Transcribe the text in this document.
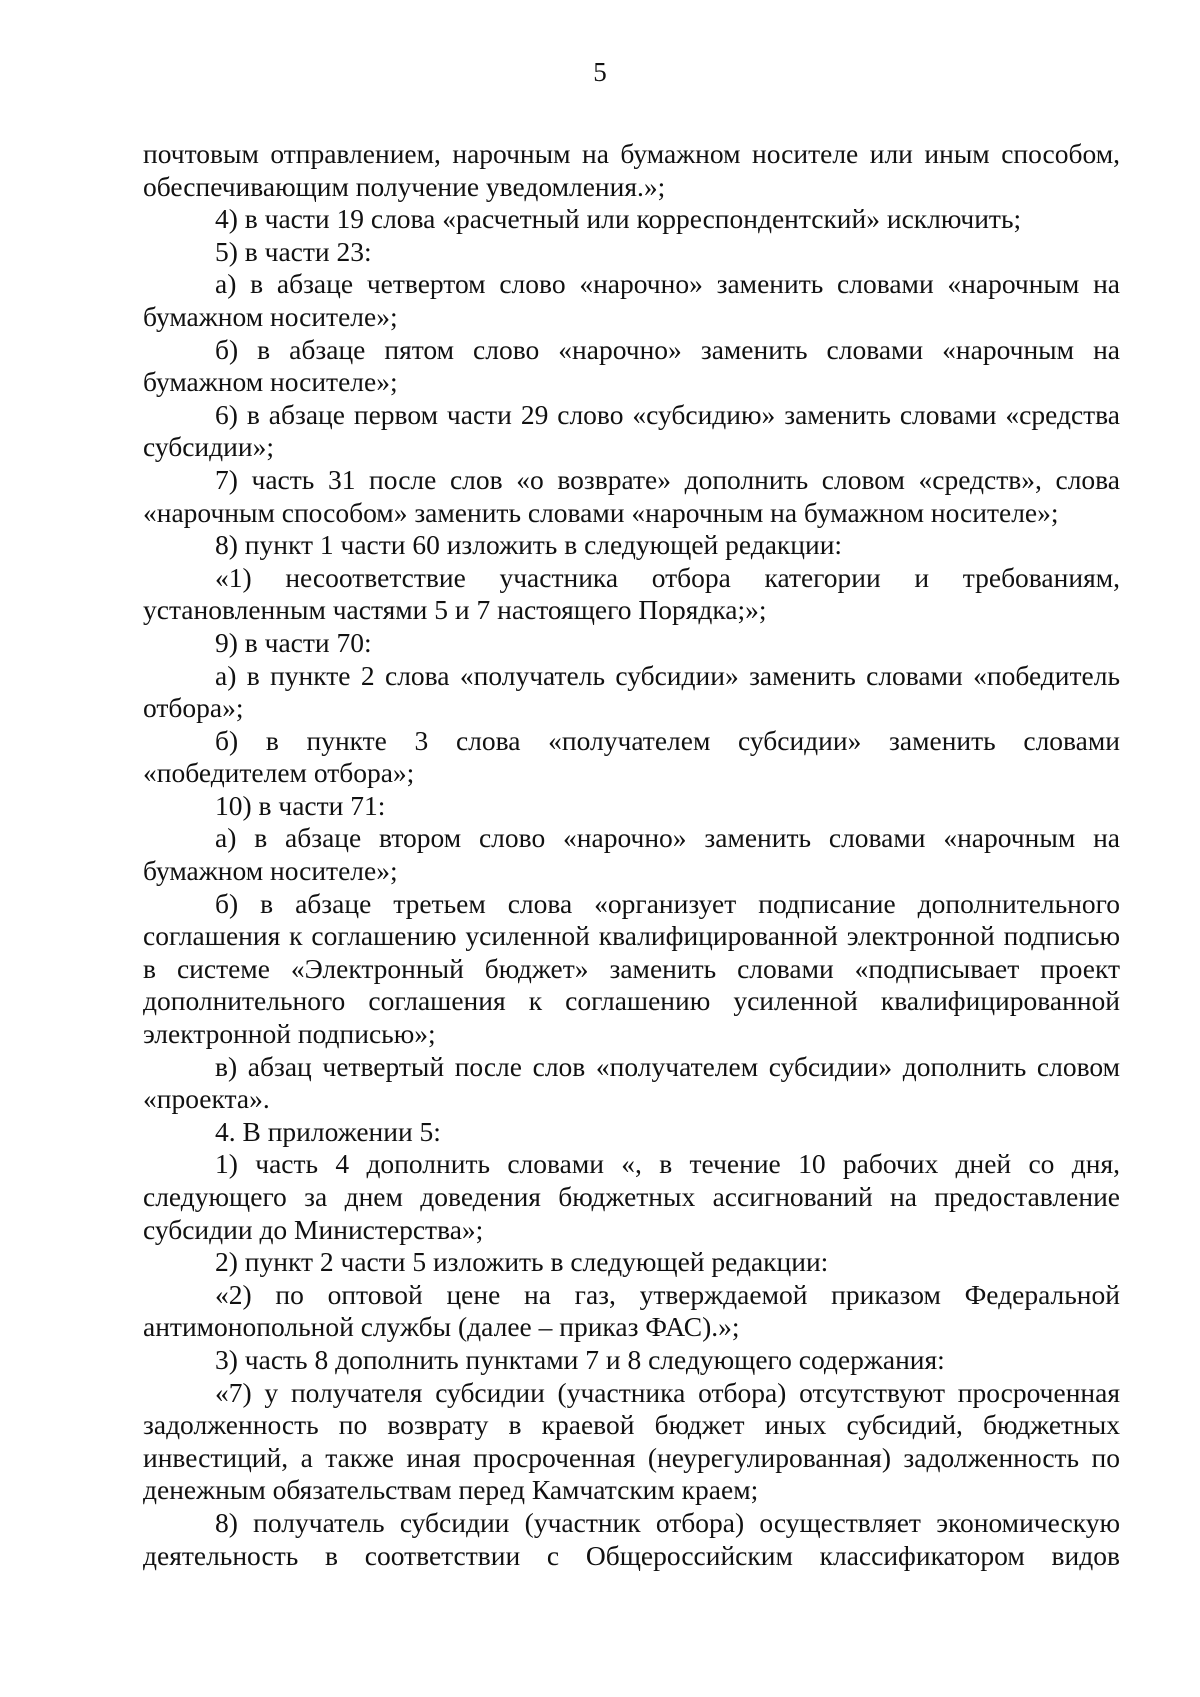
5

почтовым отправлением, нарочным на бумажном носителе или иным способом, обеспечивающим получение уведомления.»;

4) в части 19 слова «расчетный или корреспондентский» исключить;

5) в части 23:

а) в абзаце четвертом слово «нарочно» заменить словами «нарочным на бумажном носителе»;

б) в абзаце пятом слово «нарочно» заменить словами «нарочным на бумажном носителе»;

6) в абзаце первом части 29 слово «субсидию» заменить словами «средства субсидии»;

7) часть 31 после слов «о возврате» дополнить словом «средств», слова «нарочным способом» заменить словами «нарочным на бумажном носителе»;

8) пункт 1 части 60 изложить в следующей редакции:

«1) несоответствие участника отбора категории и требованиям, установленным частями 5 и 7 настоящего Порядка;»;

9) в части 70:

а) в пункте 2 слова «получатель субсидии» заменить словами «победитель отбора»;

б) в пункте 3 слова «получателем субсидии» заменить словами «победителем отбора»;

10) в части 71:

а) в абзаце втором слово «нарочно» заменить словами «нарочным на бумажном носителе»;

б) в абзаце третьем слова «организует подписание дополнительного соглашения к соглашению усиленной квалифицированной электронной подписью в системе «Электронный бюджет» заменить словами «подписывает проект дополнительного соглашения к соглашению усиленной квалифицированной электронной подписью»;

в) абзац четвертый после слов «получателем субсидии» дополнить словом «проекта».

4. В приложении 5:

1) часть 4 дополнить словами «, в течение 10 рабочих дней со дня, следующего за днем доведения бюджетных ассигнований на предоставление субсидии до Министерства»;

2) пункт 2 части 5 изложить в следующей редакции:

«2) по оптовой цене на газ, утверждаемой приказом Федеральной антимонопольной службы (далее – приказ ФАС).»;

3) часть 8 дополнить пунктами 7 и 8 следующего содержания:

«7) у получателя субсидии (участника отбора) отсутствуют просроченная задолженность по возврату в краевой бюджет иных субсидий, бюджетных инвестиций, а также иная просроченная (неурегулированная) задолженность по денежным обязательствам перед Камчатским краем;

8) получатель субсидии (участник отбора) осуществляет экономическую деятельность в соответствии с Общероссийским классификатором видов
